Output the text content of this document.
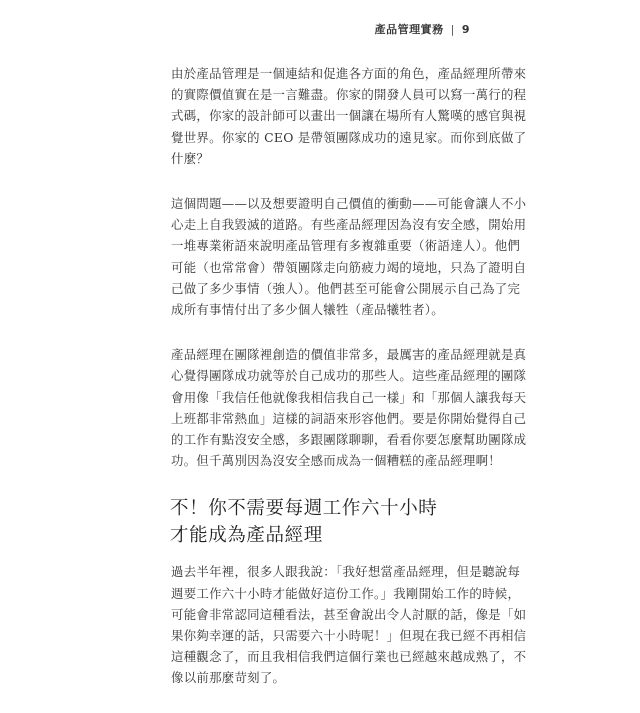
產品管理實務 | 9

由於產品管理是一個連結和促進各方面的角色，產品經理所帶來
的實際價值實在是一言難盡。你家的開發人員可以寫一萬行的程
式碼，你家的設計師可以畫出一個讓在場所有人驚嘆的感官與視
覺世界。你家的 CEO 是帶領團隊成功的遠見家。而你到底做了
什麼？

這個問題——以及想要證明自己價值的衝動——可能會讓人不小
心走上自我毀滅的道路。有些產品經理因為沒有安全感，開始用
一堆專業術語來說明產品管理有多複雜重要（術語達人）。他們
可能（也常常會）帶領團隊走向筋疲力竭的境地，只為了證明自
己做了多少事情（強人）。他們甚至可能會公開展示自己為了完
成所有事情付出了多少個人犧牲（產品犧牲者）。

產品經理在團隊裡創造的價值非常多，最厲害的產品經理就是真
心覺得團隊成功就等於自己成功的那些人。這些產品經理的團隊
會用像「我信任他就像我相信我自己一樣」和「那個人讓我每天
上班都非常熱血」這樣的詞語來形容他們。要是你開始覺得自己
的工作有點沒安全感，多跟團隊聊聊，看看你要怎麼幫助團隊成
功。但千萬別因為沒安全感而成為一個糟糕的產品經理啊！

不！你不需要每週工作六十小時
才能成為產品經理

過去半年裡，很多人跟我說：「我好想當產品經理，但是聽說每
週要工作六十小時才能做好這份工作。」我剛開始工作的時候，
可能會非常認同這種看法，甚至會說出令人討厭的話，像是「如
果你夠幸運的話，只需要六十小時呢！」但現在我已經不再相信
這種觀念了，而且我相信我們這個行業也已經越來越成熟了，不
像以前那麼苛刻了。
